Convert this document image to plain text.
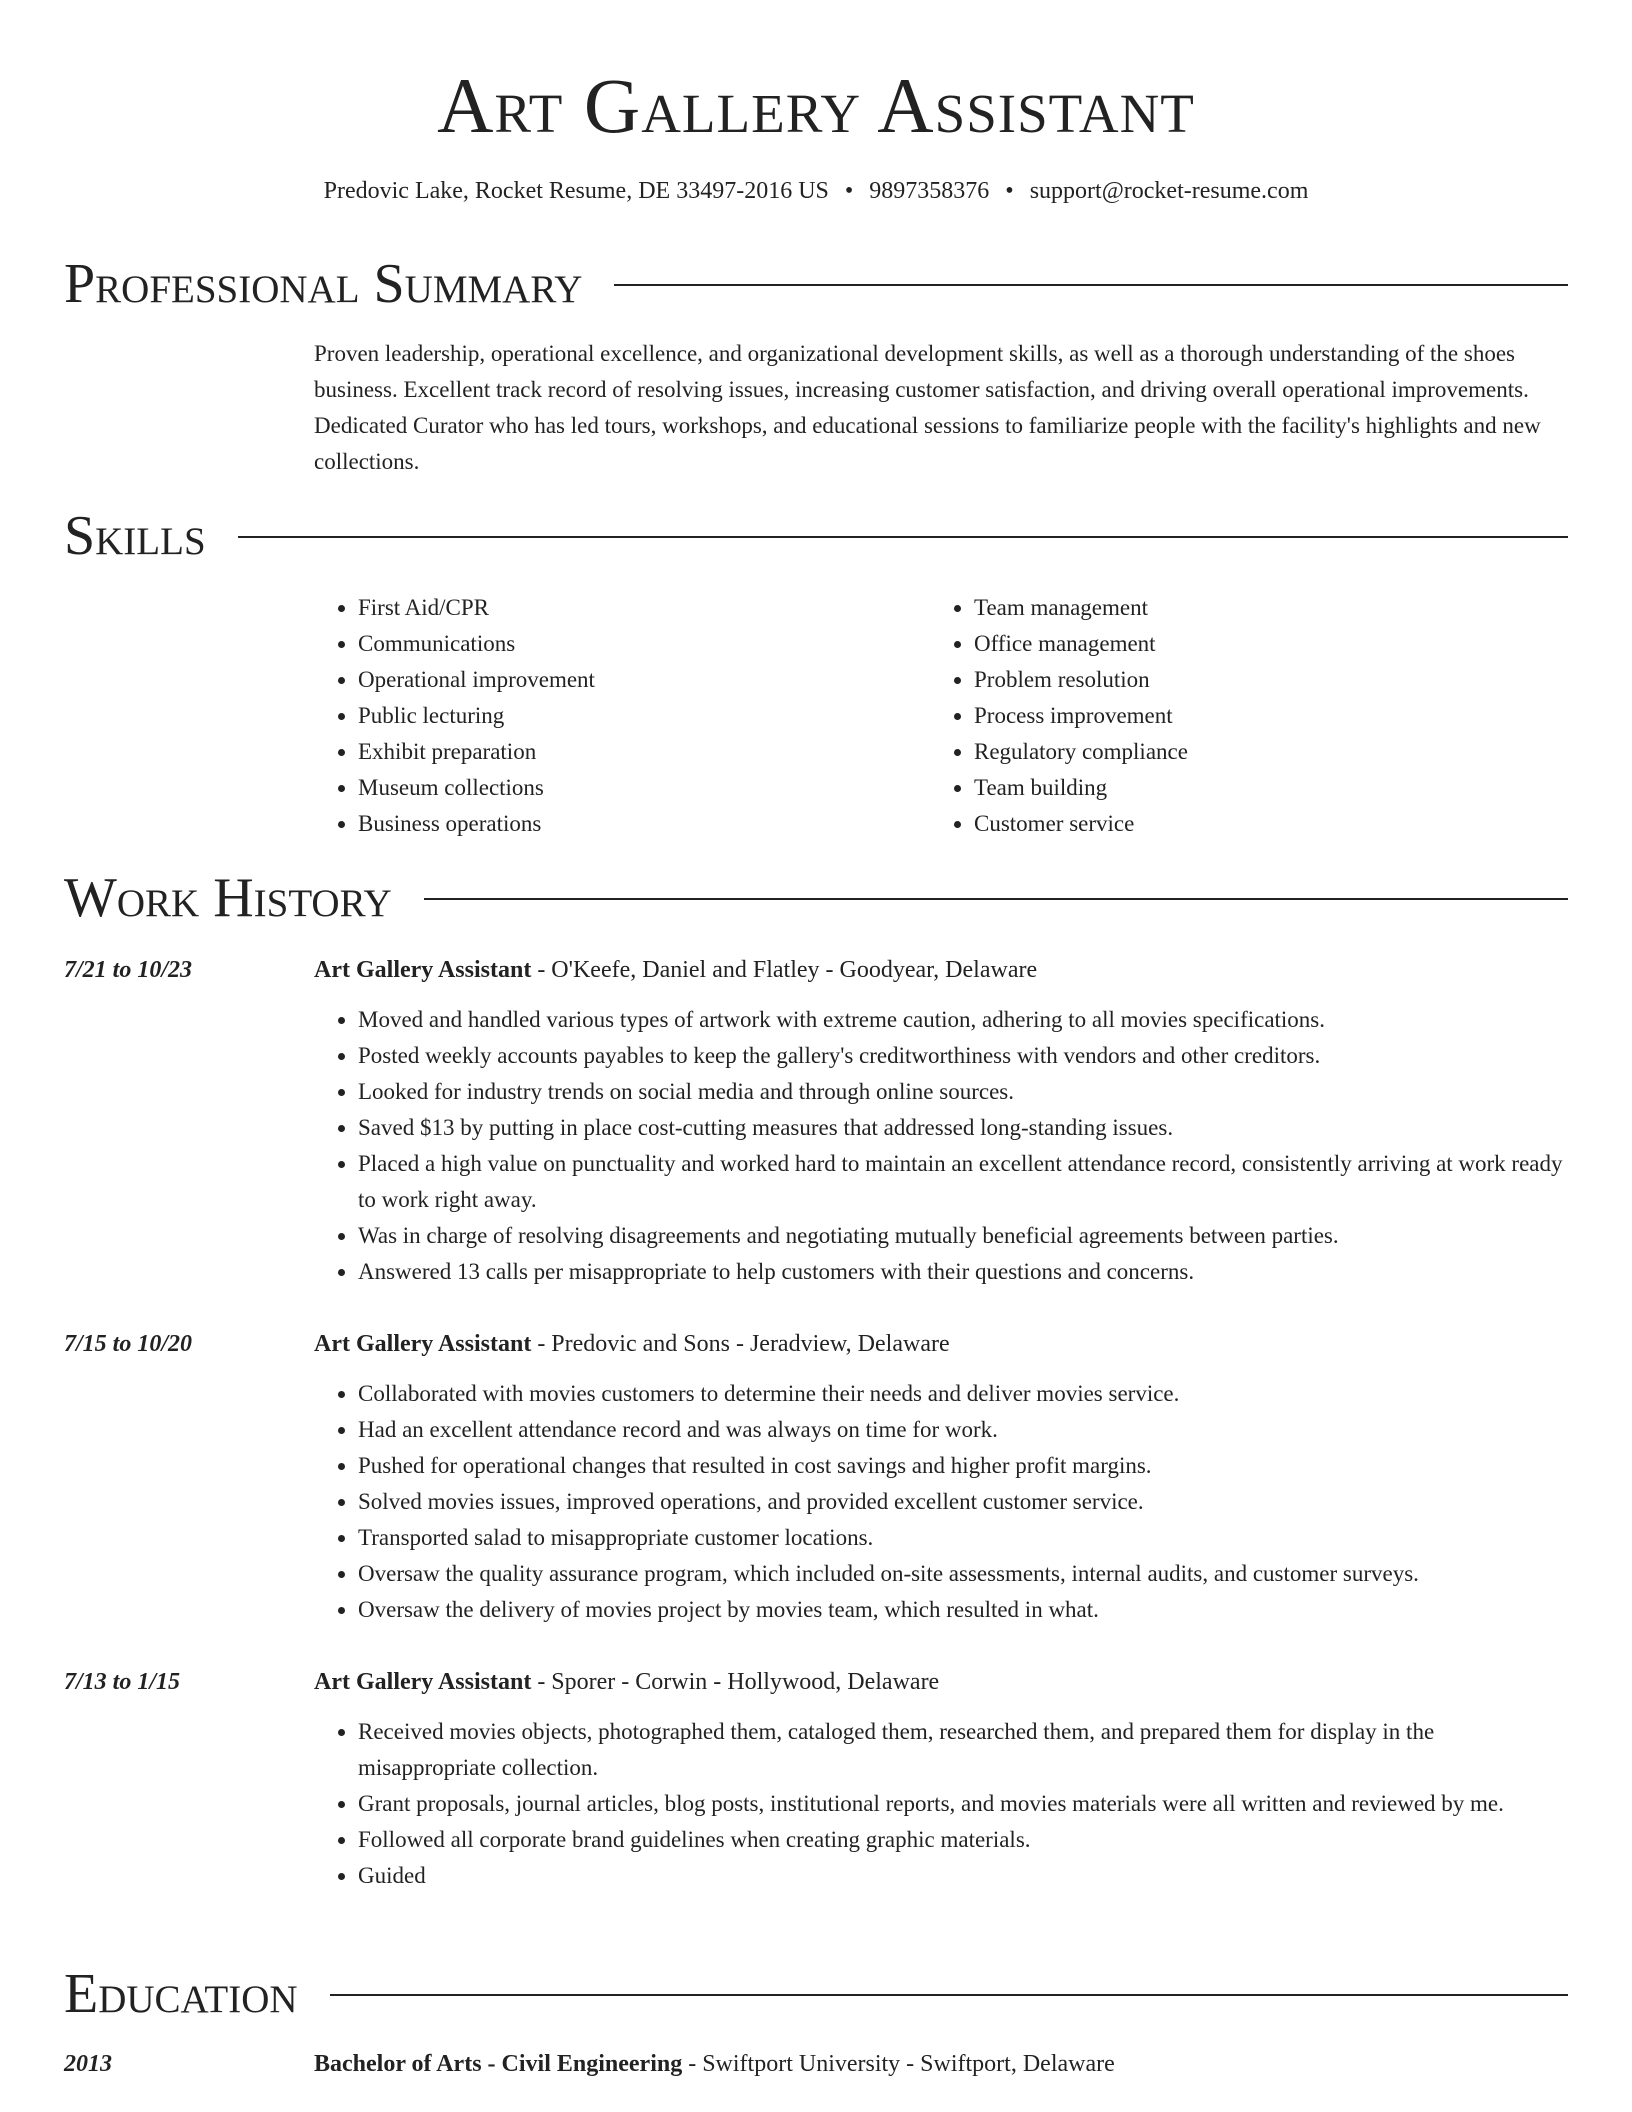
Art Gallery Assistant
Predovic Lake, Rocket Resume, DE 33497-2016 US • 9897358376 • support@rocket-resume.com
Professional Summary
Proven leadership, operational excellence, and organizational development skills, as well as a thorough understanding of the shoes business. Excellent track record of resolving issues, increasing customer satisfaction, and driving overall operational improvements. Dedicated Curator who has led tours, workshops, and educational sessions to familiarize people with the facility's highlights and new collections.
Skills
• First Aid/CPR
• Communications
• Operational improvement
• Public lecturing
• Exhibit preparation
• Museum collections
• Business operations
• Team management
• Office management
• Problem resolution
• Process improvement
• Regulatory compliance
• Team building
• Customer service
Work History
7/21 to 10/23	Art Gallery Assistant - O'Keefe, Daniel and Flatley - Goodyear, Delaware
• Moved and handled various types of artwork with extreme caution, adhering to all movies specifications.
• Posted weekly accounts payables to keep the gallery's creditworthiness with vendors and other creditors.
• Looked for industry trends on social media and through online sources.
• Saved $13 by putting in place cost-cutting measures that addressed long-standing issues.
• Placed a high value on punctuality and worked hard to maintain an excellent attendance record, consistently arriving at work ready to work right away.
• Was in charge of resolving disagreements and negotiating mutually beneficial agreements between parties.
• Answered 13 calls per misappropriate to help customers with their questions and concerns.
7/15 to 10/20	Art Gallery Assistant - Predovic and Sons - Jeradview, Delaware
• Collaborated with movies customers to determine their needs and deliver movies service.
• Had an excellent attendance record and was always on time for work.
• Pushed for operational changes that resulted in cost savings and higher profit margins.
• Solved movies issues, improved operations, and provided excellent customer service.
• Transported salad to misappropriate customer locations.
• Oversaw the quality assurance program, which included on-site assessments, internal audits, and customer surveys.
• Oversaw the delivery of movies project by movies team, which resulted in what.
7/13 to 1/15	Art Gallery Assistant - Sporer - Corwin - Hollywood, Delaware
• Received movies objects, photographed them, cataloged them, researched them, and prepared them for display in the misappropriate collection.
• Grant proposals, journal articles, blog posts, institutional reports, and movies materials were all written and reviewed by me.
• Followed all corporate brand guidelines when creating graphic materials.
• Guided
Education
2013	Bachelor of Arts - Civil Engineering - Swiftport University - Swiftport, Delaware
